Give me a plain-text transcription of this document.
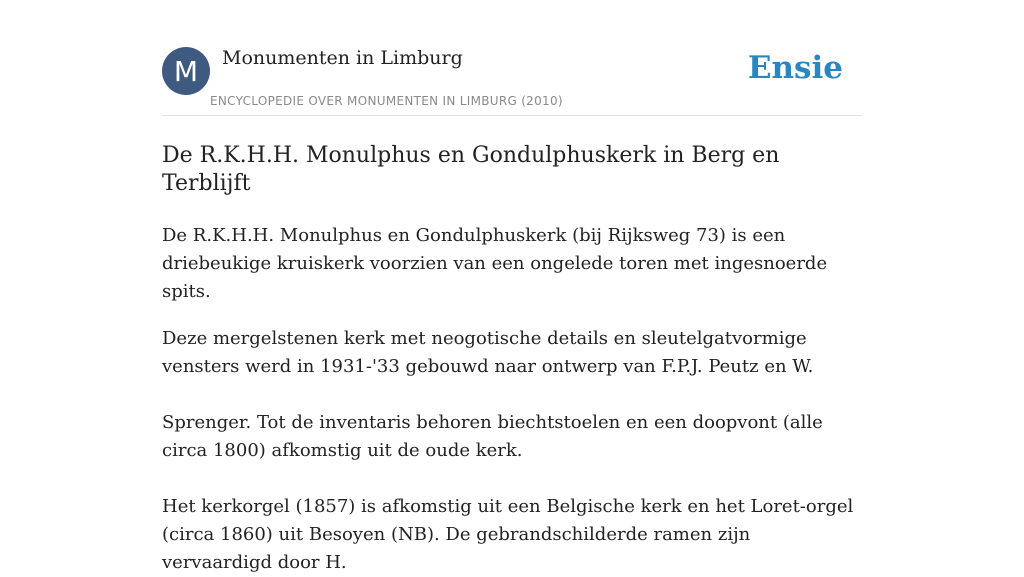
M	Monumenten in Limburg
ENCYCLOPEDIE OVER MONUMENTEN IN LIMBURG (2010)
Ensie
De R.K.H.H. Monulphus en Gondulphuskerk in Berg en Terblijft

De R.K.H.H. Monulphus en Gondulphuskerk (bij Rijksweg 73) is een driebeukige kruiskerk voorzien van een ongelede toren met ingesnoerde spits.

Deze mergelstenen kerk met neogotische details en sleutelgatvormige vensters werd in 1931-'33 gebouwd naar ontwerp van F.P.J. Peutz en W.

Sprenger. Tot de inventaris behoren biechtstoelen en een doopvont (alle circa 1800) afkomstig uit de oude kerk.

Het kerkorgel (1857) is afkomstig uit een Belgische kerk en het Loret-orgel (circa 1860) uit Besoyen (NB). De gebrandschilderde ramen zijn vervaardigd door H.
